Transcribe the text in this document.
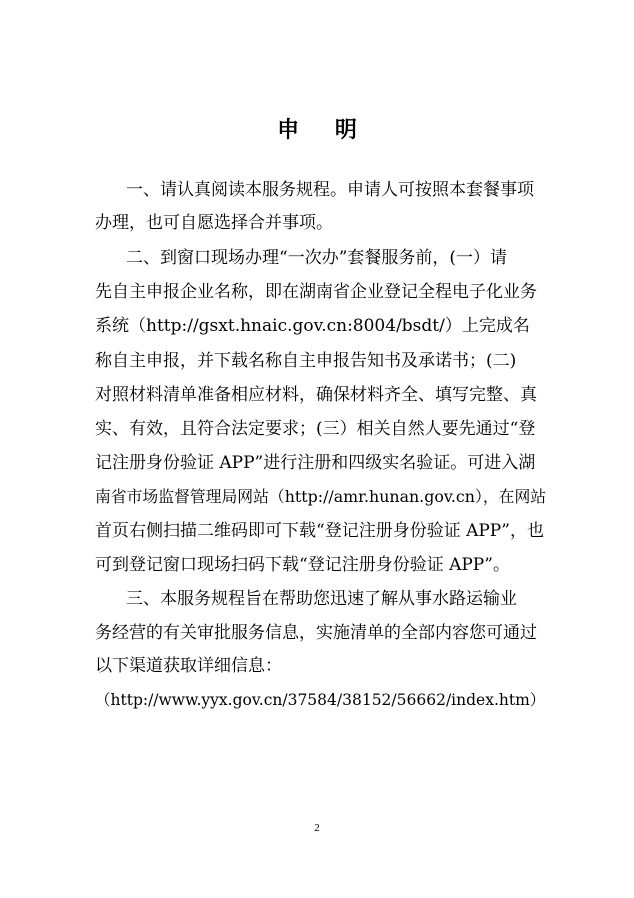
申 明
一、请认真阅读本服务规程。申请人可按照本套餐事项
办理，也可自愿选择合并事项。
二、到窗口现场办理“一次办”套餐服务前，(一）请
先自主申报企业名称，即在湖南省企业登记全程电子化业务
系统（http://gsxt.hnaic.gov.cn:8004/bsdt/）上完成名
称自主申报，并下载名称自主申报告知书及承诺书；(二)
对照材料清单准备相应材料，确保材料齐全、填写完整、真
实、有效，且符合法定要求；(三）相关自然人要先通过“登
记注册身份验证 APP”进行注册和四级实名验证。可进入湖
南省市场监督管理局网站（http://amr.hunan.gov.cn），在网站
首页右侧扫描二维码即可下载“登记注册身份验证 APP”，也
可到登记窗口现场扫码下载“登记注册身份验证 APP”。
三、本服务规程旨在帮助您迅速了解从事水路运输业
务经营的有关审批服务信息，实施清单的全部内容您可通过
以下渠道获取详细信息：
（http://www.yyx.gov.cn/37584/38152/56662/index.htm）
2
